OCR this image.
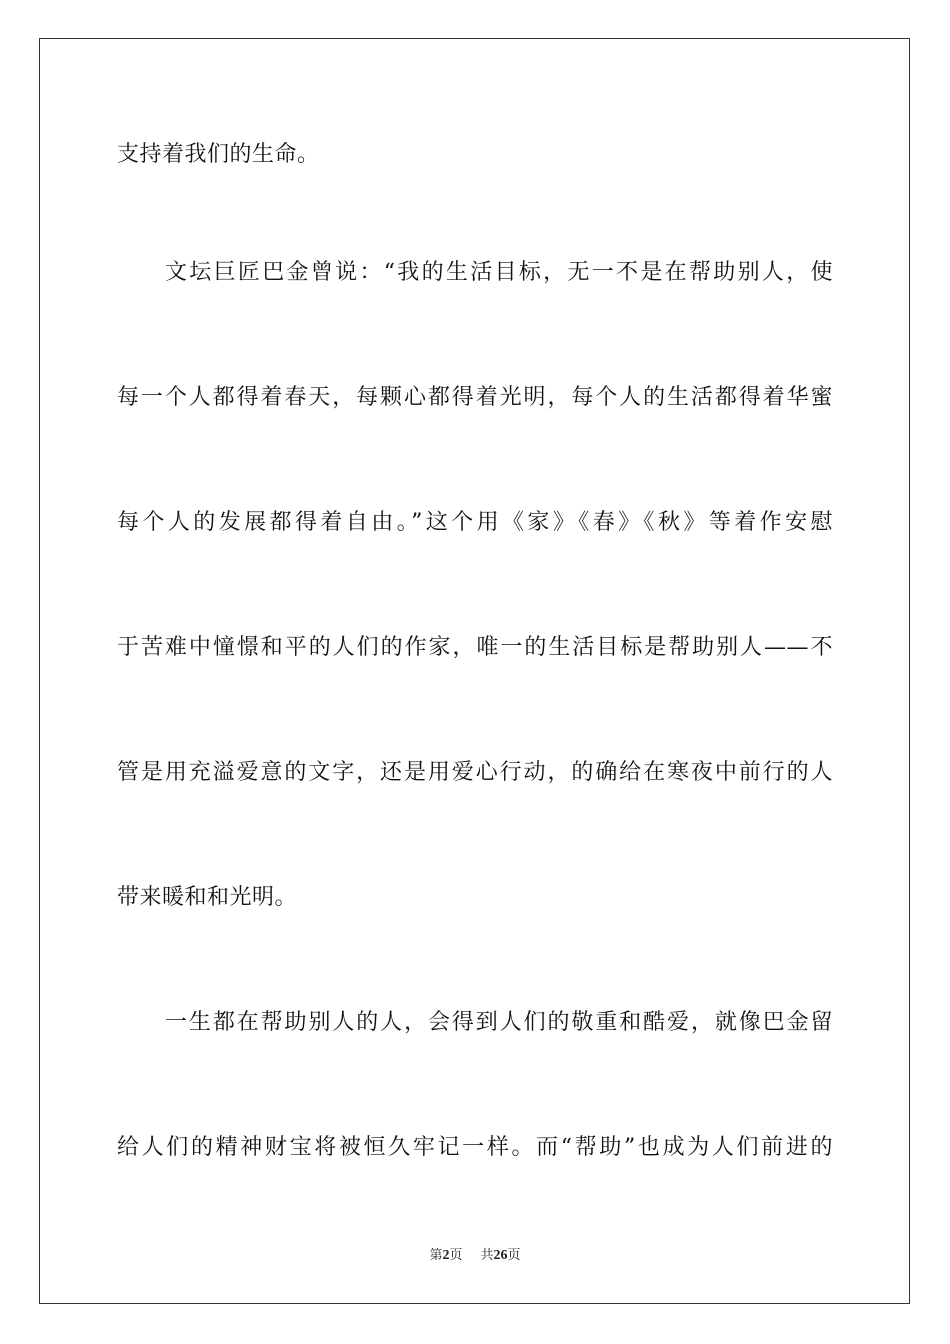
支持着我们的生命。
文坛巨匠巴金曾说：“我的生活目标，无一不是在帮助别人，使
每一个人都得着春天，每颗心都得着光明，每个人的生活都得着华蜜
每个人的发展都得着自由。”这个用《家》《春》《秋》等着作安慰
于苦难中憧憬和平的人们的作家，唯一的生活目标是帮助别人——不
管是用充溢爱意的文字，还是用爱心行动，的确给在寒夜中前行的人
带来暖和和光明。
一生都在帮助别人的人，会得到人们的敬重和酷爱，就像巴金留
给人们的精神财宝将被恒久牢记一样。而“帮助”也成为人们前进的
第2页 共26页
